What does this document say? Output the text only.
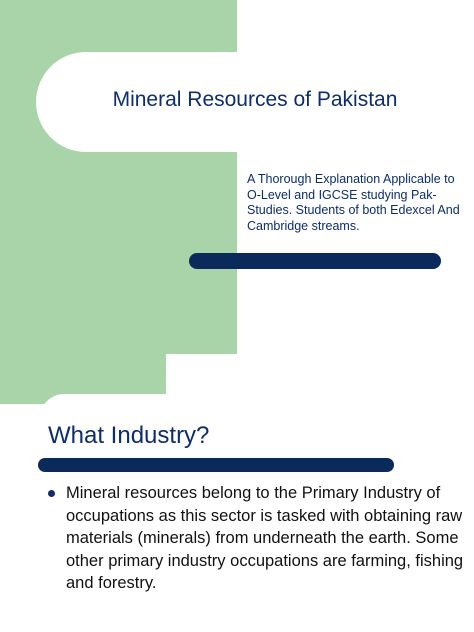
Mineral Resources of Pakistan

A Thorough Explanation Applicable to O-Level and IGCSE studying Pak-Studies. Students of both Edexcel And Cambridge streams.

What Industry?
Mineral resources belong to the Primary Industry of occupations as this sector is tasked with obtaining raw materials (minerals) from underneath the earth. Some other primary industry occupations are farming, fishing and forestry.
